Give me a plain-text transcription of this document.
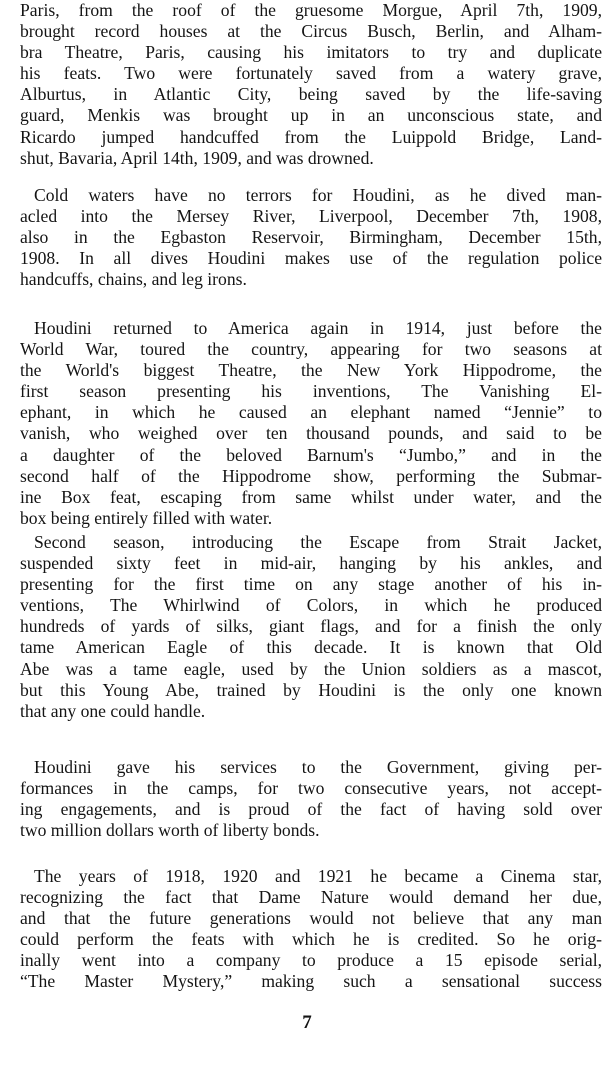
Paris, from the roof of the gruesome Morgue, April 7th, 1909,
brought record houses at the Circus Busch, Berlin, and Alham-
bra Theatre, Paris, causing his imitators to try and duplicate
his feats. Two were fortunately saved from a watery grave,
Alburtus, in Atlantic City, being saved by the life-saving
guard, Menkis was brought up in an unconscious state, and
Ricardo jumped handcuffed from the Luippold Bridge, Land-
shut, Bavaria, April 14th, 1909, and was drowned.
Cold waters have no terrors for Houdini, as he dived man-
acled into the Mersey River, Liverpool, December 7th, 1908,
also in the Egbaston Reservoir, Birmingham, December 15th,
1908. In all dives Houdini makes use of the regulation police
handcuffs, chains, and leg irons.
Houdini returned to America again in 1914, just before the
World War, toured the country, appearing for two seasons at
the World's biggest Theatre, the New York Hippodrome, the
first season presenting his inventions, The Vanishing El-
ephant, in which he caused an elephant named “Jennie” to
vanish, who weighed over ten thousand pounds, and said to be
a daughter of the beloved Barnum's “Jumbo,” and in the
second half of the Hippodrome show, performing the Submar-
ine Box feat, escaping from same whilst under water, and the
box being entirely filled with water.
Second season, introducing the Escape from Strait Jacket,
suspended sixty feet in mid-air, hanging by his ankles, and
presenting for the first time on any stage another of his in-
ventions, The Whirlwind of Colors, in which he produced
hundreds of yards of silks, giant flags, and for a finish the only
tame American Eagle of this decade. It is known that Old
Abe was a tame eagle, used by the Union soldiers as a mascot,
but this Young Abe, trained by Houdini is the only one known
that any one could handle.
Houdini gave his services to the Government, giving per-
formances in the camps, for two consecutive years, not accept-
ing engagements, and is proud of the fact of having sold over
two million dollars worth of liberty bonds.
The years of 1918, 1920 and 1921 he became a Cinema star,
recognizing the fact that Dame Nature would demand her due,
and that the future generations would not believe that any man
could perform the feats with which he is credited. So he orig-
inally went into a company to produce a 15 episode serial,
“The Master Mystery,” making such a sensational success
7
